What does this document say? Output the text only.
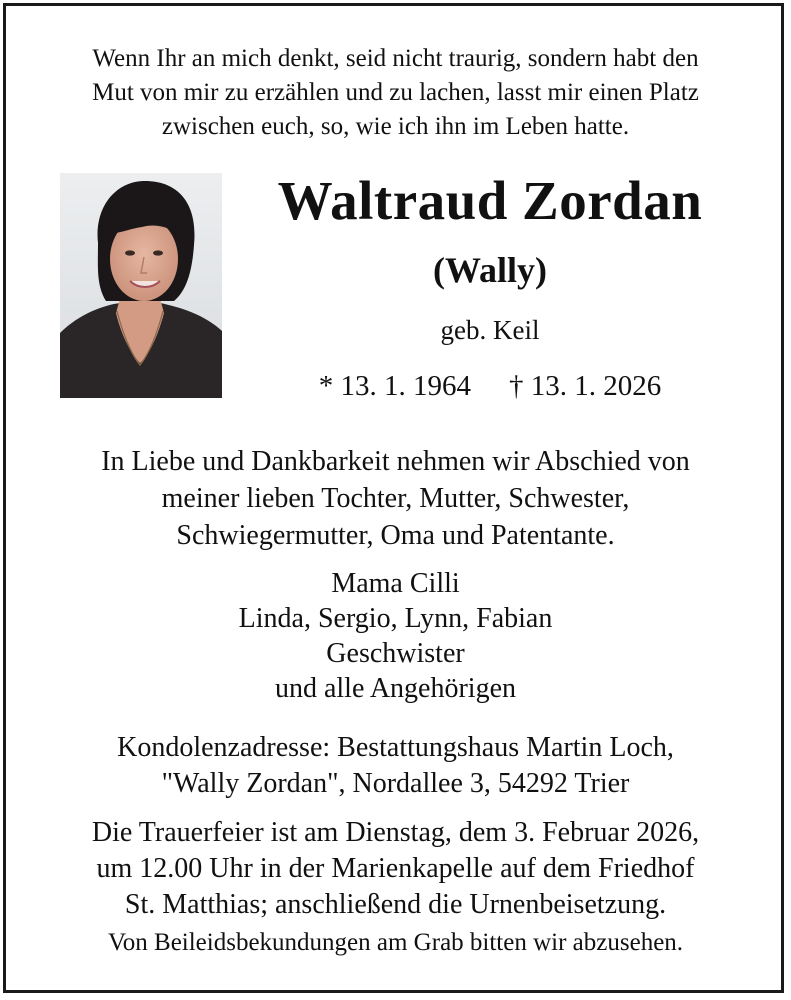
Wenn Ihr an mich denkt, seid nicht traurig, sondern habt den
Mut von mir zu erzählen und zu lachen, lasst mir einen Platz
zwischen euch, so, wie ich ihn im Leben hatte.
Waltraud Zordan
(Wally)
geb. Keil
* 13. 1. 1964 † 13. 1. 2026
In Liebe und Dankbarkeit nehmen wir Abschied von
meiner lieben Tochter, Mutter, Schwester,
Schwiegermutter, Oma und Patentante.
Mama Cilli
Linda, Sergio, Lynn, Fabian
Geschwister
und alle Angehörigen
Kondolenzadresse: Bestattungshaus Martin Loch,
"Wally Zordan", Nordallee 3, 54292 Trier
Die Trauerfeier ist am Dienstag, dem 3. Februar 2026,
um 12.00 Uhr in der Marienkapelle auf dem Friedhof
St. Matthias; anschließend die Urnenbeisetzung.
Von Beileidsbekundungen am Grab bitten wir abzusehen.
